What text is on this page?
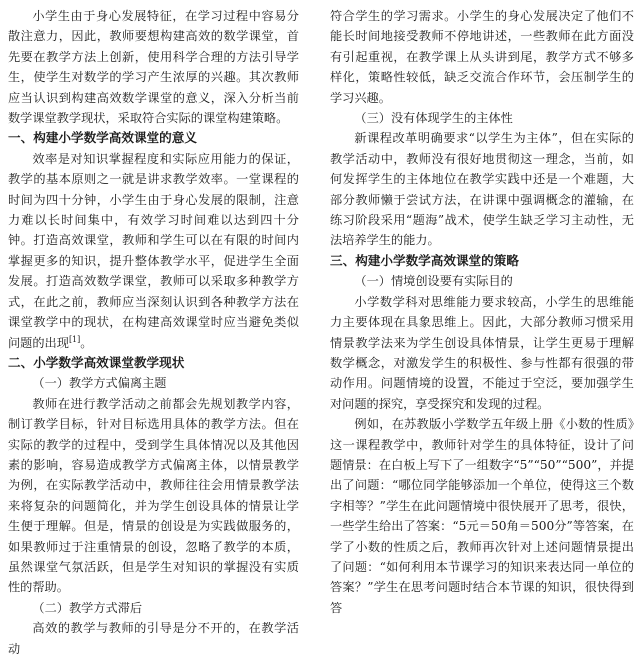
小学生由于身心发展特征，在学习过程中容易分散注意力，因此，教师要想构建高效的数学课堂，首先要在教学方法上创新，使用科学合理的方法引导学生，使学生对数学的学习产生浓厚的兴趣。其次教师应当认识到构建高效数学课堂的意义，深入分析当前数学课堂教学现状，采取符合实际的课堂构建策略。

一、构建小学数学高效课堂的意义

效率是对知识掌握程度和实际应用能力的保证，教学的基本原则之一就是讲求教学效率。一堂课程的时间为四十分钟，小学生由于身心发展的限制，注意力难以长时间集中，有效学习时间难以达到四十分钟。打造高效课堂，教师和学生可以在有限的时间内掌握更多的知识，提升整体教学水平，促进学生全面发展。打造高效数学课堂，教师可以采取多种教学方式，在此之前，教师应当深刻认识到各种教学方法在课堂教学中的现状，在构建高效课堂时应当避免类似问题的出现[1]。

二、小学数学高效课堂教学现状
（一）教学方式偏离主题

教师在进行教学活动之前都会先规划教学内容，制订教学目标，针对目标选用具体的教学方法。但在实际的教学的过程中，受到学生具体情况以及其他因素的影响，容易造成教学方式偏离主体，以情景教学为例，在实际教学活动中，教师往往会用情景教学法来将复杂的问题简化，并为学生创设具体的情景让学生便于理解。但是，情景的创设是为实践做服务的，如果教师过于注重情景的创设，忽略了教学的本质，虽然课堂气氛活跃，但是学生对知识的掌握没有实质性的帮助。

（二）教学方式滞后

高效的教学与教师的引导是分不开的，在教学活动

符合学生的学习需求。小学生的身心发展决定了他们不能长时间地接受教师不停地讲述，一些教师在此方面没有引起重视，在教学课上从头讲到尾，教学方式不够多样化，策略性较低，缺乏交流合作环节，会压制学生的学习兴趣。

（三）没有体现学生的主体性

新课程改革明确要求“以学生为主体”，但在实际的教学活动中，教师没有很好地贯彻这一理念，当前，如何发挥学生的主体地位在教学实践中还是一个难题，大部分教师懒于尝试方法，在讲课中强调概念的灌输，在练习阶段采用“题海”战术，使学生缺乏学习主动性，无法培养学生的能力。

三、构建小学数学高效课堂的策略
（一）情境创设要有实际目的

小学数学科对思维能力要求较高，小学生的思维能力主要体现在具象思维上。因此，大部分教师习惯采用情景教学法来为学生创设具体情景，让学生更易于理解数学概念，对激发学生的积极性、参与性都有很强的带动作用。问题情境的设置，不能过于空泛，要加强学生对问题的探究，享受探究和发现的过程。

例如，在苏教版小学数学五年级上册《小数的性质》这一课程教学中，教师针对学生的具体特征，设计了问题情景：在白板上写下了一组数字“5”“50”“500”，并提出了问题：“哪位同学能够添加一个单位，使得这三个数字相等？”学生在此问题情境中很快展开了思考，很快，一些学生给出了答案：“5元＝50角＝500分”等答案，在学了小数的性质之后，教师再次针对上述问题情景提出了问题：“如何利用本节课学习的知识来表达同一单位的答案？”学生在思考问题时结合本节课的知识，很快得到答
